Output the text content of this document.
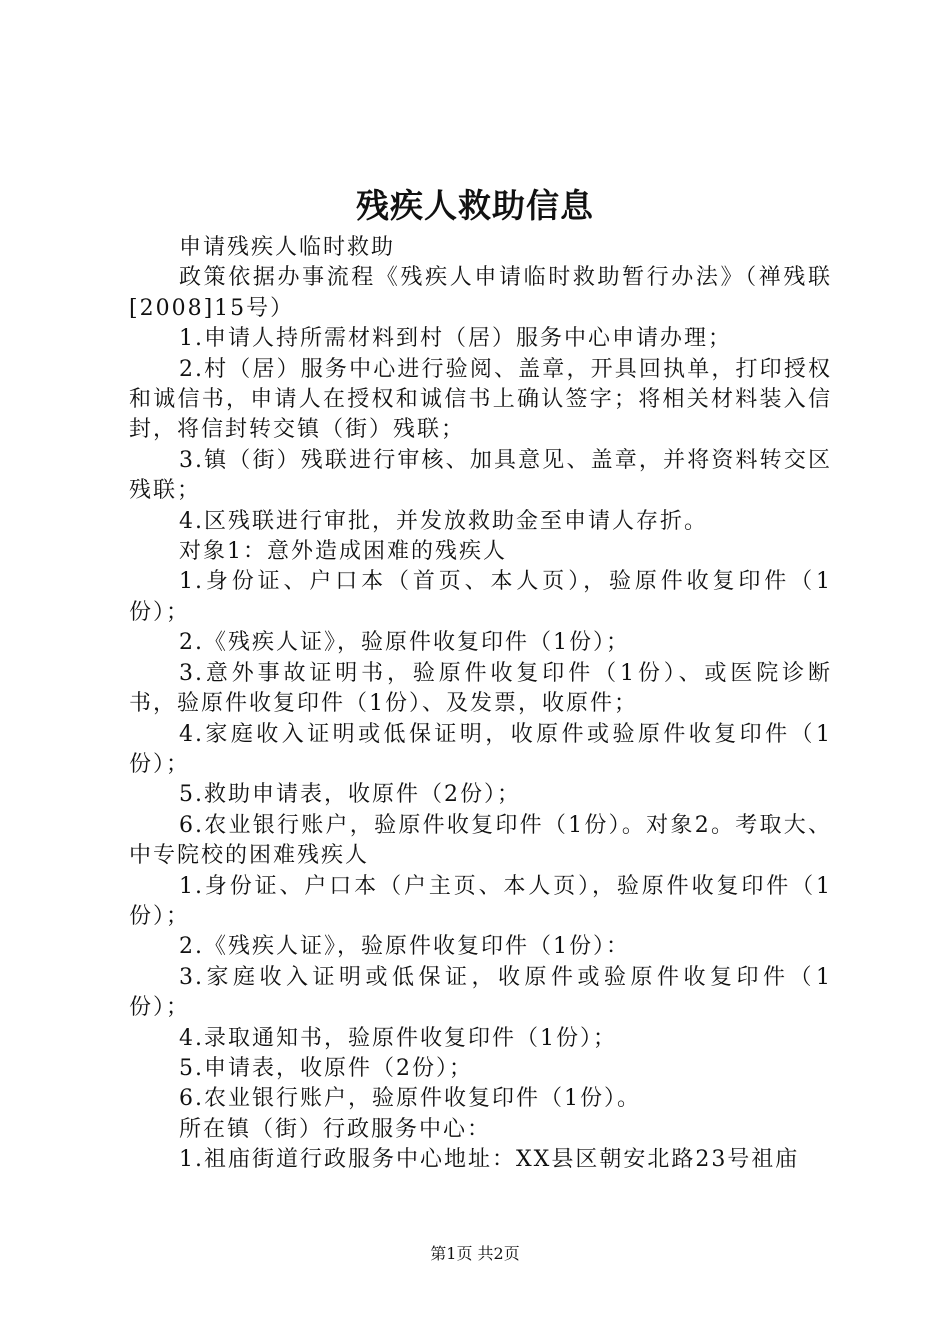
残疾人救助信息

申请残疾人临时救助

政策依据办事流程《残疾人申请临时救助暂行办法》（禅残联[2008]15号）

1.申请人持所需材料到村（居）服务中心申请办理；

2.村（居）服务中心进行验阅、盖章，开具回执单，打印授权和诚信书，申请人在授权和诚信书上确认签字；将相关材料装入信封，将信封转交镇（街）残联；

3.镇（街）残联进行审核、加具意见、盖章，并将资料转交区残联；

4.区残联进行审批，并发放救助金至申请人存折。

对象1：意外造成困难的残疾人

1.身份证、户口本（首页、本人页），验原件收复印件（1份）；

2.《残疾人证》，验原件收复印件（1份）；

3.意外事故证明书，验原件收复印件（1份）、或医院诊断书，验原件收复印件（1份）、及发票，收原件；

4.家庭收入证明或低保证明，收原件或验原件收复印件（1份）；

5.救助申请表，收原件（2份）；

6.农业银行账户，验原件收复印件（1份）。对象2。考取大、中专院校的困难残疾人

1.身份证、户口本（户主页、本人页），验原件收复印件（1份）；

2.《残疾人证》，验原件收复印件（1份）：

3.家庭收入证明或低保证，收原件或验原件收复印件（1份）；

4.录取通知书，验原件收复印件（1份）；

5.申请表，收原件（2份）；

6.农业银行账户，验原件收复印件（1份）。

所在镇（街）行政服务中心：

1.祖庙街道行政服务中心地址：XX县区朝安北路23号祖庙

第1页 共2页
